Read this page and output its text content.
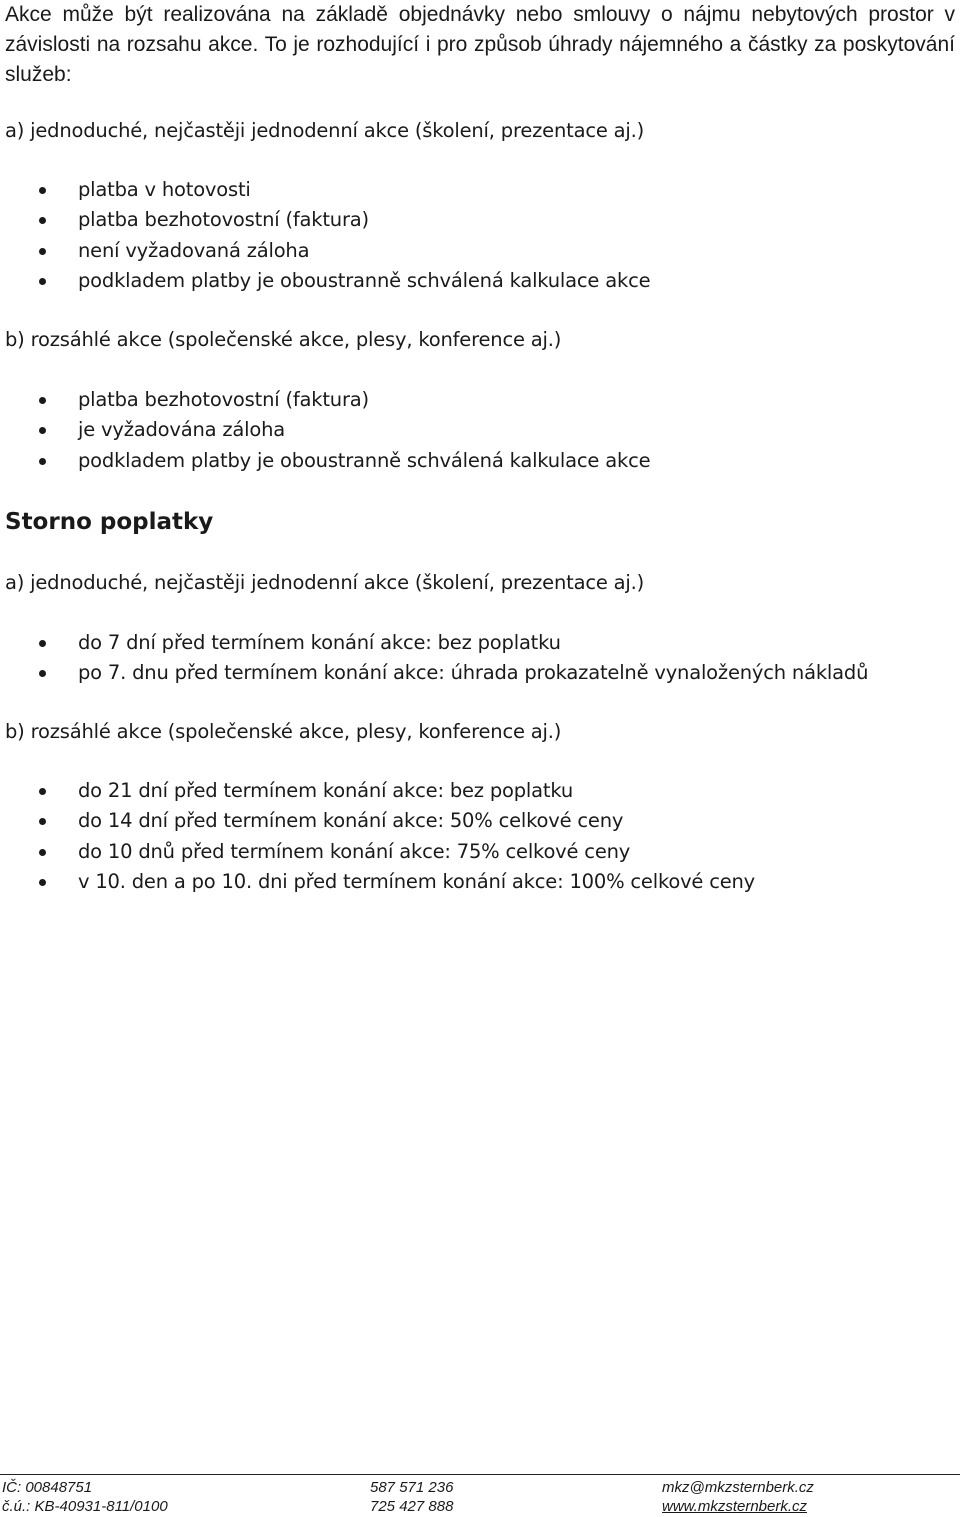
Akce může být realizována na základě objednávky nebo smlouvy o nájmu nebytových prostor v závislosti na rozsahu akce. To je rozhodující i pro způsob úhrady nájemného a částky za poskytování služeb:
a) jednoduché, nejčastěji jednodenní akce (školení, prezentace aj.)
platba v hotovosti
platba bezhotovostní (faktura)
není vyžadovaná záloha
podkladem platby je oboustranně schválená kalkulace akce
b) rozsáhlé akce (společenské akce, plesy, konference aj.)
platba bezhotovostní (faktura)
je vyžadována záloha
podkladem platby je oboustranně schválená kalkulace akce
Storno poplatky
a) jednoduché, nejčastěji jednodenní akce (školení, prezentace aj.)
do 7 dní před termínem konání akce: bez poplatku
po 7. dnu před termínem konání akce: úhrada prokazatelně vynaložených nákladů
b) rozsáhlé akce (společenské akce, plesy, konference aj.)
do 21 dní před termínem konání akce: bez poplatku
do 14 dní před termínem konání akce: 50% celkové ceny
do 10 dnů před termínem konání akce: 75% celkové ceny
v 10. den a po 10. dni před termínem konání akce: 100% celkové ceny
IČ: 00848751	587 571 236	mkz@mkzsternberk.cz
č.ú.: KB-40931-811/0100	725 427 888	www.mkzsternberk.cz
